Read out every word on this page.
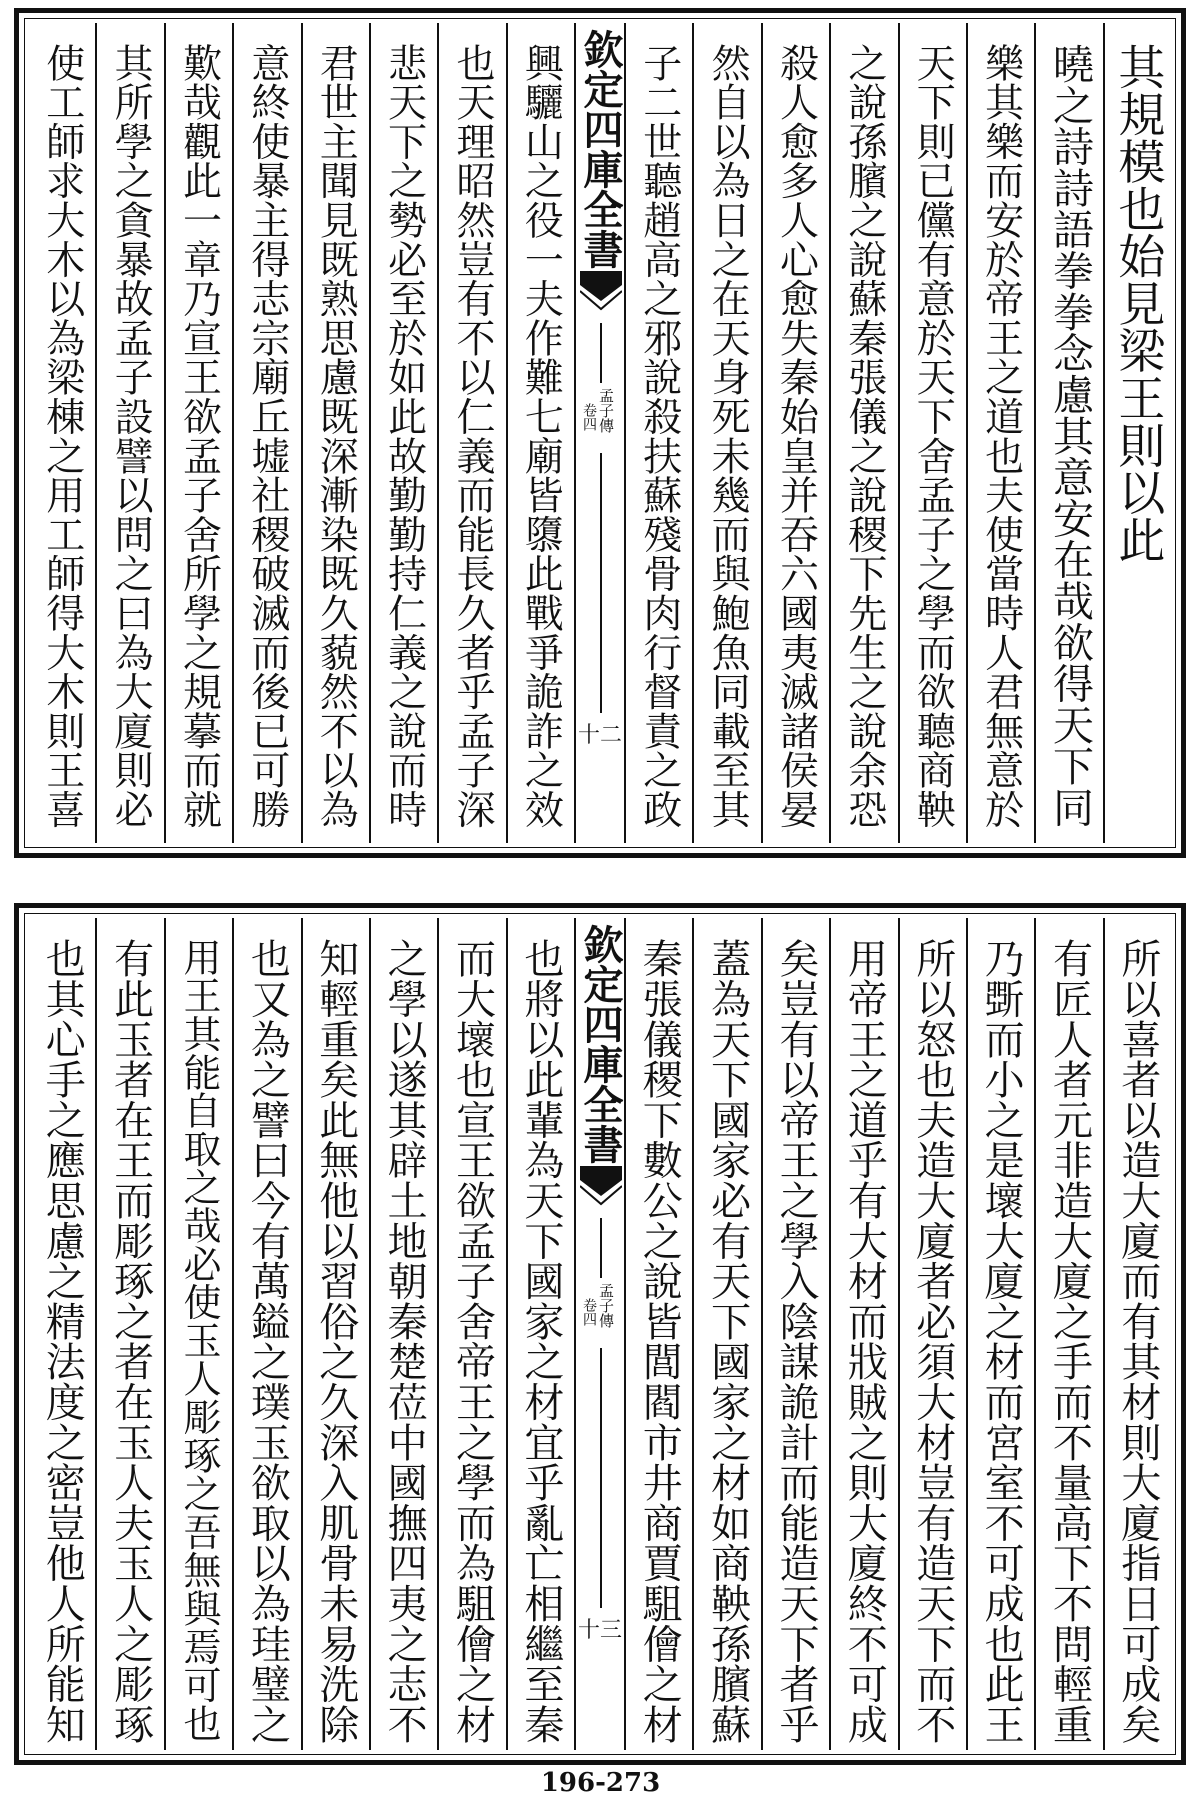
其規模也始見梁王則以此
曉之詩詩語拳拳念慮其意安在哉欲得天下同
樂其樂而安於帝王之道也夫使當時人君無意於
天下則已儻有意於天下舍孟子之學而欲聽商鞅
之說孫臏之說蘇秦張儀之說稷下先生之說余恐
殺人愈多人心愈失秦始皇并吞六國夷滅諸侯晏
然自以為日之在天身死未幾而與鮑魚同載至其
子二世聽趙高之邪說殺扶蘇殘骨肉行督責之政
欽定四庫全書
孟子傳
卷四
十二
興驪山之役一夫作難七廟皆隳此戰爭詭詐之效
也天理昭然豈有不以仁義而能長久者乎孟子深
悲天下之勢必至於如此故勤勤持仁義之說而時
君世主聞見既熟思慮既深漸染既久藐然不以為
意終使暴主得志宗廟丘墟社稷破滅而後已可勝
歎哉觀此一章乃宣王欲孟子舍所學之規摹而就
其所學之貪暴故孟子設譬以問之曰為大廈則必
使工師求大木以為梁棟之用工師得大木則王喜
所以喜者以造大廈而有其材則大廈指日可成矣
有匠人者元非造大廈之手而不量高下不問輕重
乃斲而小之是壞大廈之材而宮室不可成也此王
所以怒也夫造大廈者必須大材豈有造天下而不
用帝王之道乎有大材而戕賊之則大廈終不可成
矣豈有以帝王之學入陰謀詭計而能造天下者乎
蓋為天下國家必有天下國家之材如商鞅孫臏蘇
秦張儀稷下數公之說皆閭閻市井商賈駔儈之材
欽定四庫全書
孟子傳
卷四
十三
也將以此輩為天下國家之材宜乎亂亡相繼至秦
而大壞也宣王欲孟子舍帝王之學而為駔儈之材
之學以遂其辟土地朝秦楚莅中國撫四夷之志不
知輕重矣此無他以習俗之久深入肌骨未易洗除
也又為之譬曰今有萬鎰之璞玉欲取以為珪璧之
用王其能自取之哉必使玉人彫琢之吾無與焉可也
有此玉者在王而彫琢之者在玉人夫玉人之彫琢
也其心手之應思慮之精法度之密豈他人所能知
196-273
